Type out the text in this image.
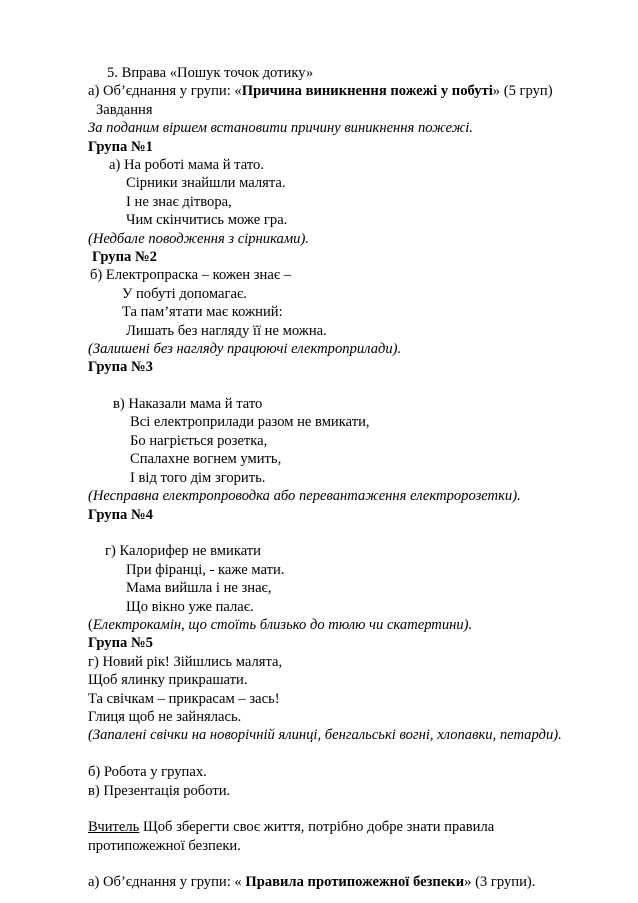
5. Вправа «Пошук точок дотику»
а) Об’єднання у групи: «Причина виникнення пожежі у побуті» (5 груп)
Завдання
За поданим віршем встановити причину виникнення пожежі.
Група №1
а) На роботі мама й тато.
Сірники знайшли малята.
І не знає дітвора,
Чим скінчитись може гра.
(Недбале поводження з сірниками).
Група №2
б) Електропраска – кожен знає –
У побуті допомагає.
Та пам’ятати має кожний:
Лишать без нагляду її не можна.
(Залишені без нагляду працюючі електроприлади).
Група №3
в) Наказали мама й тато
Всі електроприлади разом не вмикати,
Бо нагріється розетка,
Спалахне вогнем умить,
І від того дім згорить.
(Несправна електропроводка або перевантаження електророзетки).
Група №4
г) Калорифер не вмикати
При фіранці, - каже мати.
Мама вийшла і не знає,
Що вікно уже палає.
(Електрокамін, що стоїть близько до тюлю чи скатертини).
Група №5
г) Новий рік! Зійшлись малята,
Щоб ялинку прикрашати.
Та свічкам – прикрасам – зась!
Глиця щоб не зайнялась.
(Запалені свічки на новорічній ялинці, бенгальські вогні, хлопавки, петарди).
б) Робота у групах.
в) Презентація роботи.
Вчитель Щоб зберегти своє життя, потрібно добре знати правила
протипожежної безпеки.
а) Об’єднання у групи: « Правила протипожежної безпеки» (3 групи).
